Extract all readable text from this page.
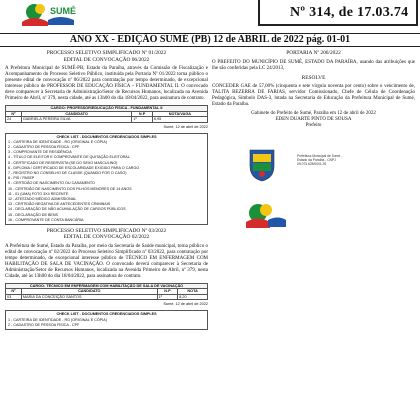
SUMÉ	Nº 314, de 17.03.74
ANO XX - EDIÇÃO SUMÉ (PB) 12 de ABRIL de 2022 pág. 01-01
PROCESSO SELETIVO SIMPLIFICADO Nº 01/2022
EDITAL DE CONVOCAÇÃO 06/2022

A Prefeitura Municipal de SUMÉ-PB, Estado da Paraíba, através da Comissão de Fiscalização e Acompanhamento do Processo Seletivo Público, instituída pela Portaria Nº 01/2022 torna público o presente edital de convocação nº 06/2022 para contratação por tempo determinado, de excepcional interesse público de PROFESSOR DE EDUCAÇÃO FÍSICA – FUNDAMENTAL II. O convocado deve comparecer à Secretaria de Administração/Setor de Recursos Humanos, localizada na Avenida Primeiro de Abril, nº 379, nesta cidade, até as 13h00 do dia 18/04/2022, para assinatura de contrato.

CARGO: PROFESSOR/EDUCAÇÃO FÍSICA - FUNDAMENTAL II			
Nº	CANDIDATO	N.P	NOTA/VAGA
24	GABRIELA PEREIRA SILVA	1º	6,95
Sumé, 12 de abril de 2022
CHECK LIST - DOCUMENTOS CREDENCIADOS SIMPLES
1 - CARTEIRA DE IDENTIDADE - RG (ORIGINAL E CÓPIA)
2 - CADASTRO DE PESSOA FÍSICA - CPF
3 - COMPROVANTE DE RESIDÊNCIA
4 - TÍTULO DE ELEITOR E COMPROVANTE DE QUITAÇÃO ELEITORAL
5 - CERTIFICADO DE RESERVISTA (SE DO SEXO MASCULINO)
6 - DIPLOMA / CERTIFICADO DE ESCOLARIDADE EXIGIDO PARA O CARGO
7 - REGISTRO NO CONSELHO DE CLASSE (QUANDO FOR O CASO)
8 - PIS / PASEP
9 - CERTIDÃO DE NASCIMENTO OU CASAMENTO
10 - CERTIDÃO DE NASCIMENTO DOS FILHOS MENORES DE 14 ANOS
11 - 01 (UMA) FOTO 3X4 RECENTE
12 - ATESTADO MÉDICO ADMISSIONAL
13 - CERTIDÃO NEGATIVA DE ANTECEDENTES CRIMINAIS
14 - DECLARAÇÃO DE NÃO ACUMULAÇÃO DE CARGOS PÚBLICOS
15 - DECLARAÇÃO DE BENS
16 - COMPROVANTE DE CONTA BANCÁRIA
PROCESSO SELETIVO SIMPLIFICADO Nº 03/2022
EDITAL DE CONVOCAÇÃO 02/2022

A Prefeitura de Sumé, Estado da Paraíba, por meio da Secretaria de Saúde municipal, torna público o edital de convocação nº 02/2022 do Processo Seletivo Simplificado nº 03/2022, para contratação por tempo determinado, de excepcional interesse público de TÉCNICO EM ENFERMAGEM COM HABILITAÇÃO DE SALA DE VACINAÇÃO. O convocado deverá comparecer à Secretaria de Administração/Setor de Recursos Humanos, localizada na Avenida Primeiro de Abril, nº 379, nesta Cidade, até às 13h00 do dia 18/04/2022, para assinatura de contrato.

CARGO: TÉCNICO EM ENFERMAGEM COM HABILITAÇÃO DE SALA DE VACINAÇÃO			
Nº	CANDIDATO	N.P	NOTA
03	MARIA DA CONCEIÇÃO SANTOS	1º	8,20
Sumé, 12 de abril de 2022
CHECK LIST - DOCUMENTOS CREDENCIADOS SIMPLES
1 - CARTEIRA DE IDENTIDADE - RG (ORIGINAL E CÓPIA)
2 - CADASTRO DE PESSOA FÍSICA - CPF
PORTARIA Nº 206/2022

O PREFEITO DO MUNICÍPIO DE SUMÉ, ESTADO DA PARAÍBA, usando das atribuições que lhe são conferidas pela LC 24/2013,

RESOLVE

CONCEDER GAE de 57,00% (cinquenta e sete vírgula noventa por cento) sobre o vencimento de, TALITA BEZERRA DE FARIAS, servidor Comissionado, Chefe de Célula de Coordenação Pedagógica, Símbolo DAS-3, lotada na Secretaria de Educação da Prefeitura Municipal de Sumé, Estado da Paraíba.

Gabinete do Prefeito de Sumé, Paraíba em 12 de abril de 2022

EDEN DUARTE PINTO DE SOUSA
Prefeito
Prefeitura Municipal de Sumé - Estado da Paraíba - CNPJ 09.073.628/0001-91
